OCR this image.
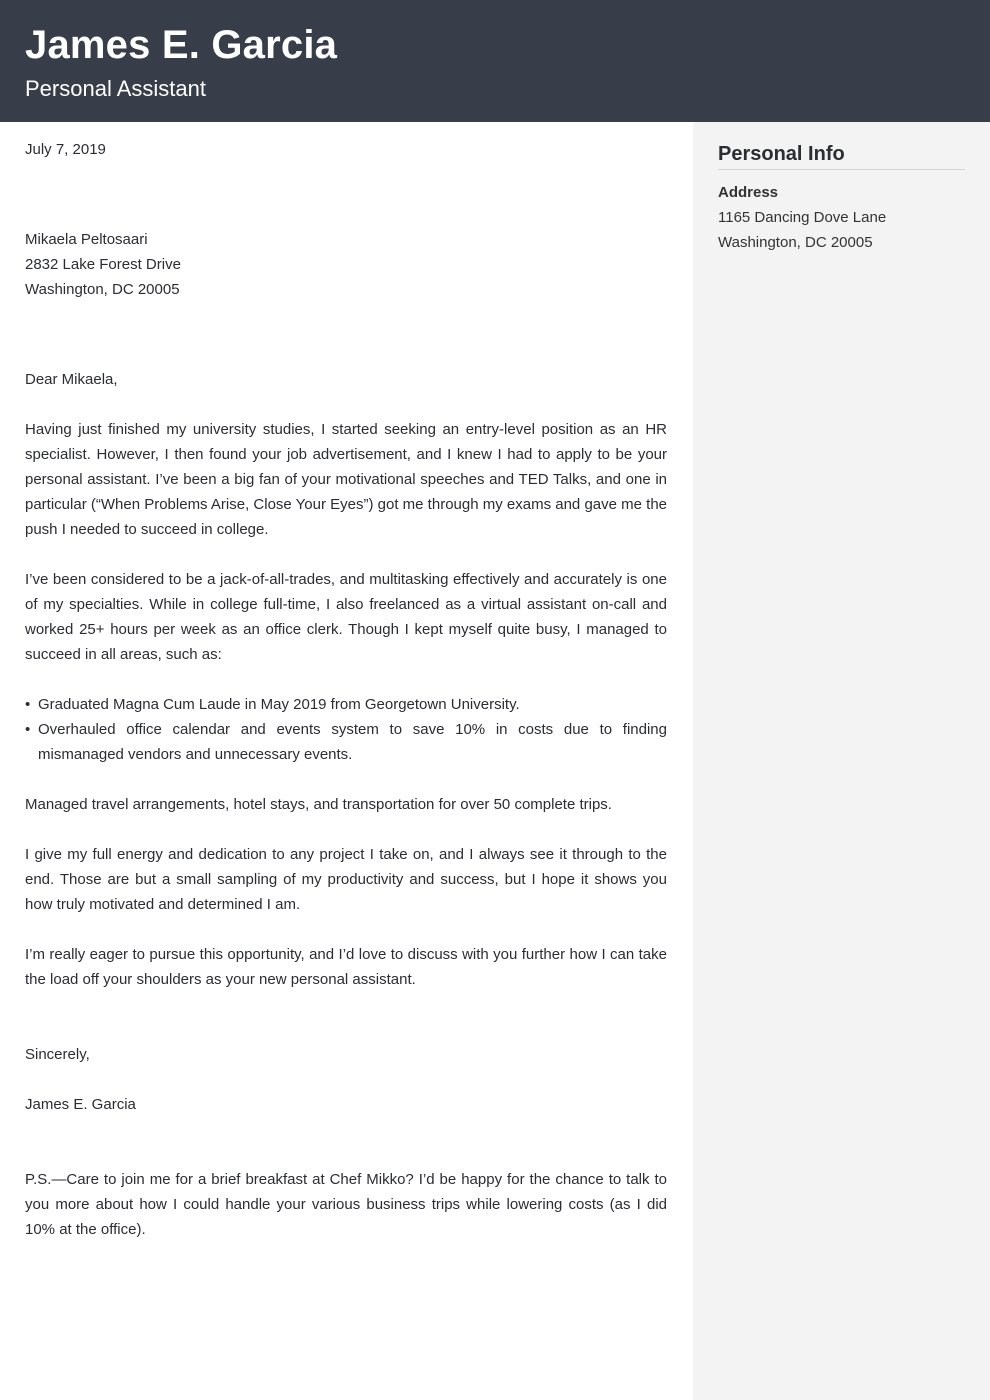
James E. Garcia
Personal Assistant
Personal Info
Address
1165 Dancing Dove Lane
Washington, DC 20005
July 7, 2019
Mikaela Peltosaari
2832 Lake Forest Drive
Washington, DC 20005
Dear Mikaela,
Having just finished my university studies, I started seeking an entry-level position as an HR specialist. However, I then found your job advertisement, and I knew I had to apply to be your personal assistant. I’ve been a big fan of your motivational speeches and TED Talks, and one in particular (“When Problems Arise, Close Your Eyes”) got me through my exams and gave me the push I needed to succeed in college.
I’ve been considered to be a jack-of-all-trades, and multitasking effectively and accurately is one of my specialties. While in college full-time, I also freelanced as a virtual assistant on-call and worked 25+ hours per week as an office clerk. Though I kept myself quite busy, I managed to succeed in all areas, such as:
• Graduated Magna Cum Laude in May 2019 from Georgetown University.
• Overhauled office calendar and events system to save 10% in costs due to finding mismanaged vendors and unnecessary events.
Managed travel arrangements, hotel stays, and transportation for over 50 complete trips.
I give my full energy and dedication to any project I take on, and I always see it through to the end. Those are but a small sampling of my productivity and success, but I hope it shows you how truly motivated and determined I am.
I’m really eager to pursue this opportunity, and I’d love to discuss with you further how I can take the load off your shoulders as your new personal assistant.
Sincerely,
James E. Garcia
P.S.—Care to join me for a brief breakfast at Chef Mikko? I’d be happy for the chance to talk to you more about how I could handle your various business trips while lowering costs (as I did 10% at the office).
